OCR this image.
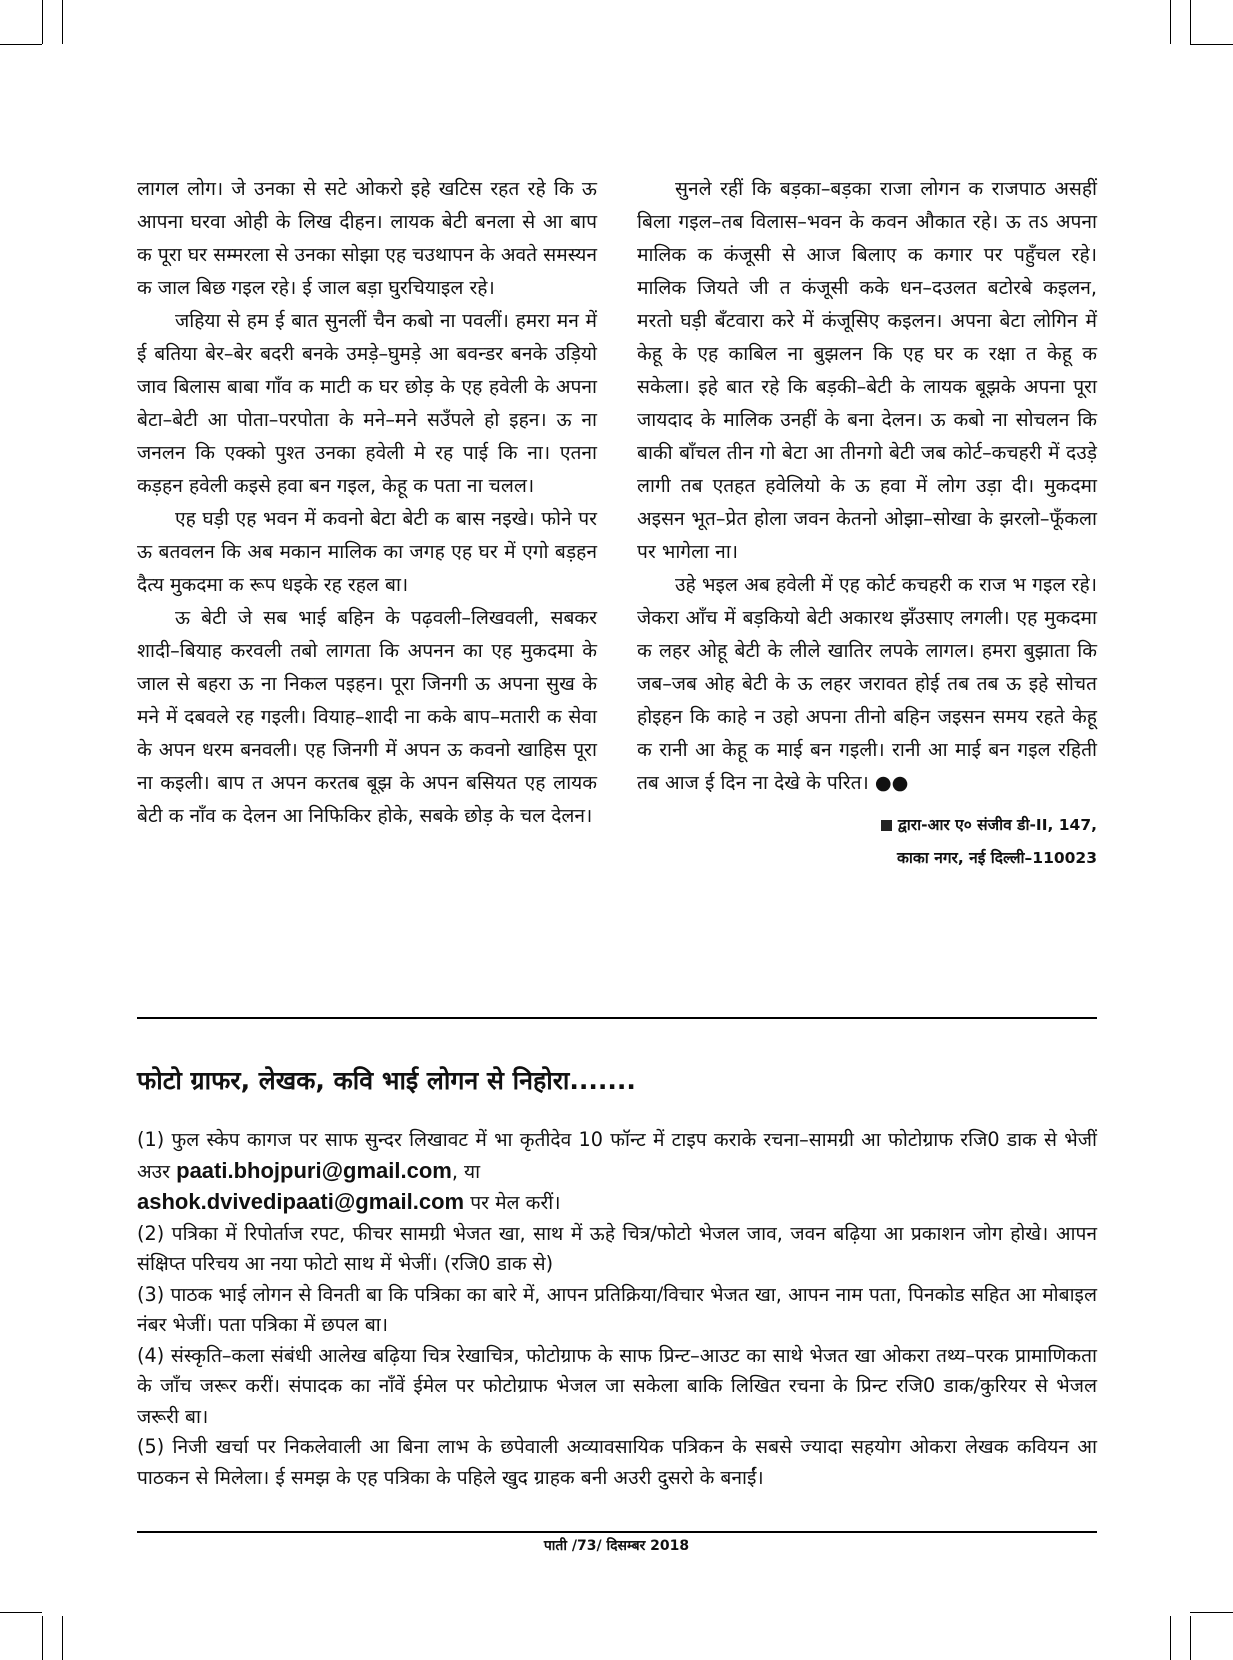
लागल लोग। जे उनका से सटे ओकरो इहे खटिस रहत रहे कि ऊ आपना घरवा ओही के लिख दीहन। लायक बेटी बनला से आ बाप क पूरा घर सम्मरला से उनका सोझा एह चउथापन के अवते समस्यन क जाल बिछ गइल रहे। ई जाल बड़ा घुरचियाइल रहे।

जहिया से हम ई बात सुनलीं चैन कबो ना पवलीं। हमरा मन में ई बतिया बेर–बेर बदरी बनके उमड़े–घुमड़े आ बवन्डर बनके उड़ियो जाव बिलास बाबा गाँव क माटी क घर छोड़ के एह हवेली के अपना बेटा–बेटी आ पोता–परपोता के मने–मने सउँपले हो इहन। ऊ ना जनलन कि एक्को पुश्त उनका हवेली मे रह पाई कि ना। एतना कड़हन हवेली कइसे हवा बन गइल, केहू क पता ना चलल।

एह घड़ी एह भवन में कवनो बेटा बेटी क बास नइखे। फोने पर ऊ बतवलन कि अब मकान मालिक का जगह एह घर में एगो बड़हन दैत्य मुकदमा क रूप धइके रह रहल बा।

ऊ बेटी जे सब भाई बहिन के पढ़वली–लिखवली, सबकर शादी–बियाह करवली तबो लागता कि अपनन का एह मुकदमा के जाल से बहरा ऊ ना निकल पइहन। पूरा जिनगी ऊ अपना सुख के मने में दबवले रह गइली। वियाह–शादी ना कके बाप–मतारी क सेवा के अपन धरम बनवली। एह जिनगी में अपन ऊ कवनो खाहिस पूरा ना कइली। बाप त अपन करतब बूझ के अपन बसियत एह लायक बेटी क नाँव क देलन आ निफिकिर होके, सबके छोड़ के चल देलन।

सुनले रहीं कि बड़का–बड़का राजा लोगन क राजपाठ असहीं बिला गइल–तब विलास–भवन के कवन औकात रहे। ऊ तऽ अपना मालिक क कंजूसी से आज बिलाए क कगार पर पहुँचल रहे। मालिक जियते जी त कंजूसी कके धन–दउलत बटोरबे कइलन, मरतो घड़ी बँटवारा करे में कंजूसिए कइलन। अपना बेटा लोगिन में केहू के एह काबिल ना बुझलन कि एह घर क रक्षा त केहू क सकेला। इहे बात रहे कि बड़की–बेटी के लायक बूझके अपना पूरा जायदाद के मालिक उनहीं के बना देलन। ऊ कबो ना सोचलन कि बाकी बाँचल तीन गो बेटा आ तीनगो बेटी जब कोर्ट–कचहरी में दउड़े लागी तब एतहत हवेलियो के ऊ हवा में लोग उड़ा दी। मुकदमा अइसन भूत–प्रेत होला जवन केतनो ओझा–सोखा के झरलो–फूँकला पर भागेला ना।

उहे भइल अब हवेली में एह कोर्ट कचहरी क राज भ गइल रहे। जेकरा आँच में बड़कियो बेटी अकारथ झँउसाए लगली। एह मुकदमा क लहर ओहू बेटी के लीले खातिर लपके लागल। हमरा बुझाता कि जब–जब ओह बेटी के ऊ लहर जरावत होई तब तब ऊ इहे सोचत होइहन कि काहे न उहो अपना तीनो बहिन जइसन समय रहते केहू क रानी आ केहू क माई बन गइली। रानी आ माई बन गइल रहिती तब आज ई दिन ना देखे के परित। ●●

द्वारा-आर ए० संजीव डी-II, 147,
काका नगर, नई दिल्ली–110023
फोटो ग्राफर, लेखक, कवि भाई लोगन से निहोरा.......

(1) फुल स्केप कागज पर साफ सुन्दर लिखावट में भा कृतीदेव 10 फॉन्ट में टाइप कराके रचना–सामग्री आ फोटोग्राफ रजि0 डाक से भेजीं अउर paati.bhojpuri@gmail.com, या
ashok.dvivedipaati@gmail.com पर मेल करीं।

(2) पत्रिका में रिपोर्ताज रपट, फीचर सामग्री भेजत खा, साथ में ऊहे चित्र/फोटो भेजल जाव, जवन बढ़िया आ प्रकाशन जोग होखे। आपन संक्षिप्त परिचय आ नया फोटो साथ में भेजीं। (रजि0 डाक से)

(3) पाठक भाई लोगन से विनती बा कि पत्रिका का बारे में, आपन प्रतिक्रिया/विचार भेजत खा, आपन नाम पता, पिनकोड सहित आ मोबाइल नंबर भेजीं। पता पत्रिका में छपल बा।

(4) संस्कृति–कला संबंधी आलेख बढ़िया चित्र रेखाचित्र, फोटोग्राफ के साफ प्रिन्ट–आउट का साथे भेजत खा ओकरा तथ्य–परक प्रामाणिकता के जाँच जरूर करीं। संपादक का नाँवें ईमेल पर फोटोग्राफ भेजल जा सकेला बाकि लिखित रचना के प्रिन्ट रजि0 डाक/कुरियर से भेजल जरूरी बा।

(5) निजी खर्चा पर निकलेवाली आ बिना लाभ के छपेवाली अव्यावसायिक पत्रिकन के सबसे ज्यादा सहयोग ओकरा लेखक कवियन आ पाठकन से मिलेला। ई समझ के एह पत्रिका के पहिले खुद ग्राहक बनी अउरी दुसरो के बनाईं।

पाती /73/ दिसम्बर 2018
